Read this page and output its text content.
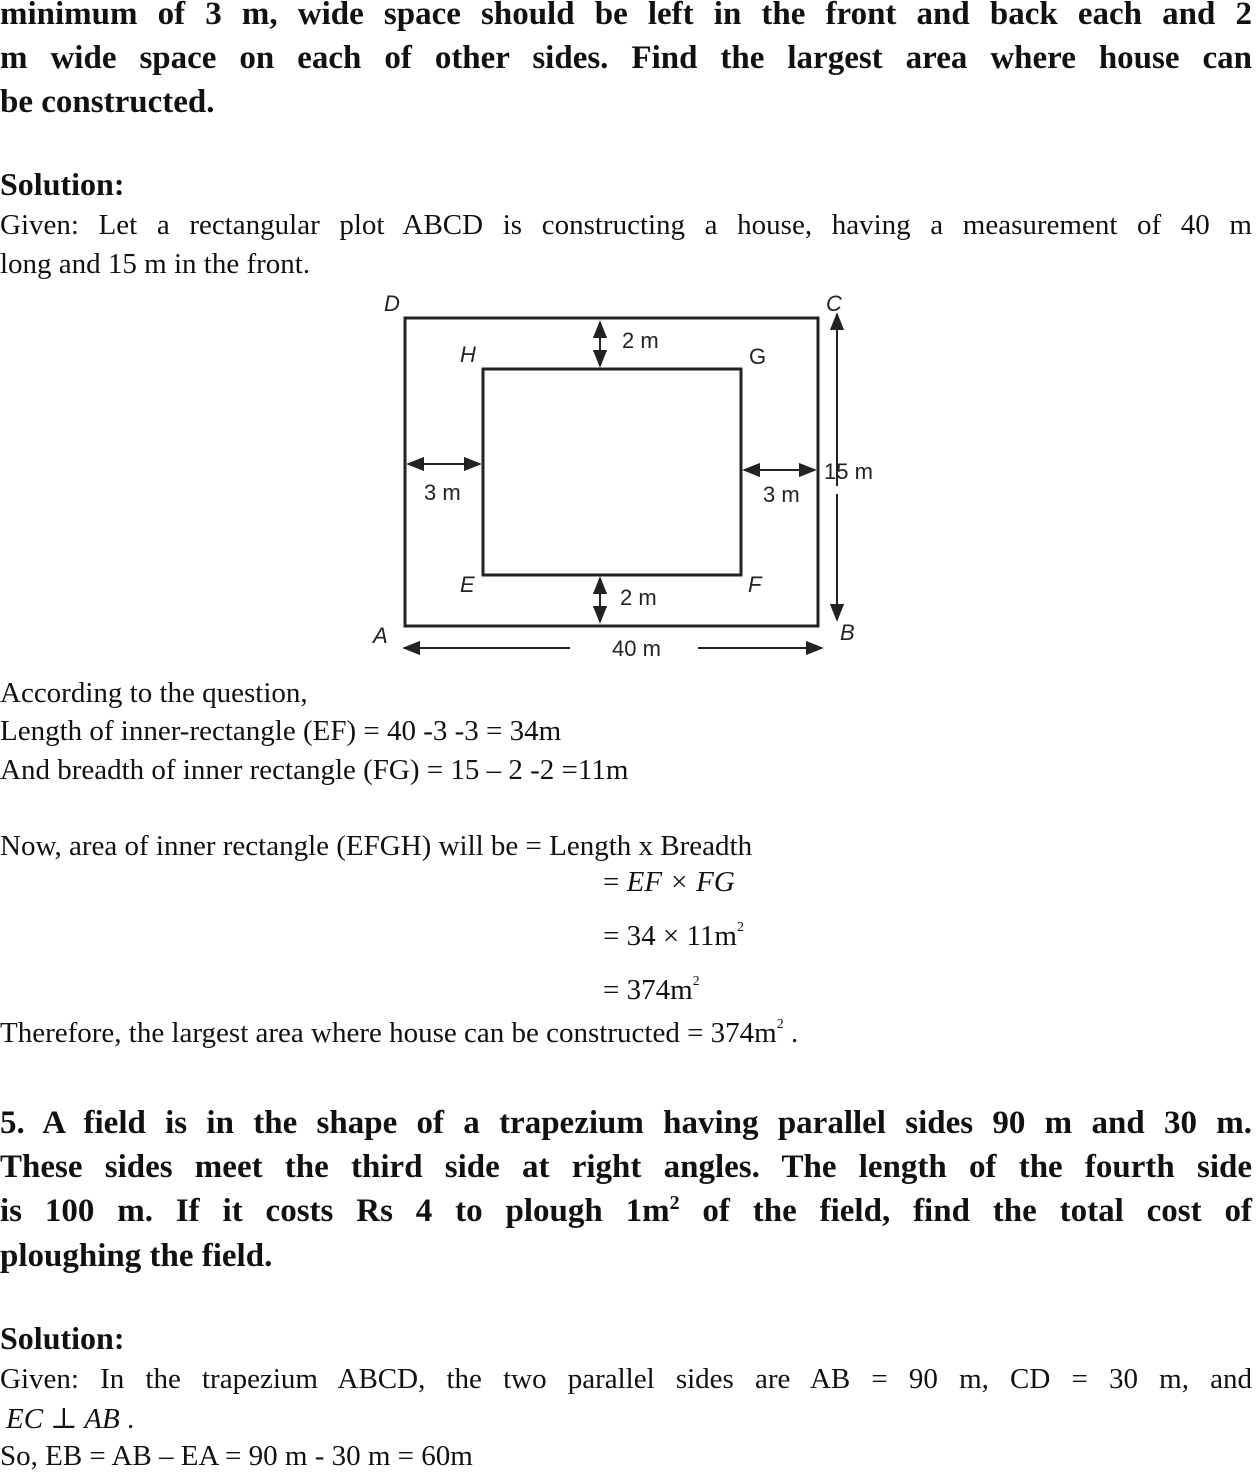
minimum of 3 m, wide space should be left in the front and back each and 2
m wide space on each of other sides. Find the largest area where house can
be constructed.
Solution:
Given: Let a rectangular plot ABCD is constructing a house, having a measurement of 40 m
long and 15 m in the front.
D	C
H	G
E	F
A	B
2 m
2 m
3 m	3 m
15 m
40 m
According to the question,
Length of inner-rectangle (EF) = 40 -3 -3 = 34m
And breadth of inner rectangle (FG) = 15 – 2 -2 =11m
Now, area of inner rectangle (EFGH) will be = Length x Breadth
= EF × FG
= $34 \times 11m^2$
= $374m^2$
Therefore, the largest area where house can be constructed = $374m^2$ .
5. A field is in the shape of a trapezium having parallel sides 90 m and 30 m.
These sides meet the third side at right angles. The length of the fourth side
is 100 m. If it costs Rs 4 to plough $1m^2$ of the field, find the total cost of
ploughing the field.
Solution:
Given: In the trapezium ABCD, the two parallel sides are AB = 90 m, CD = 30 m, and
EC ⊥ AB .
So, EB = AB – EA = 90 m - 30 m = 60m
